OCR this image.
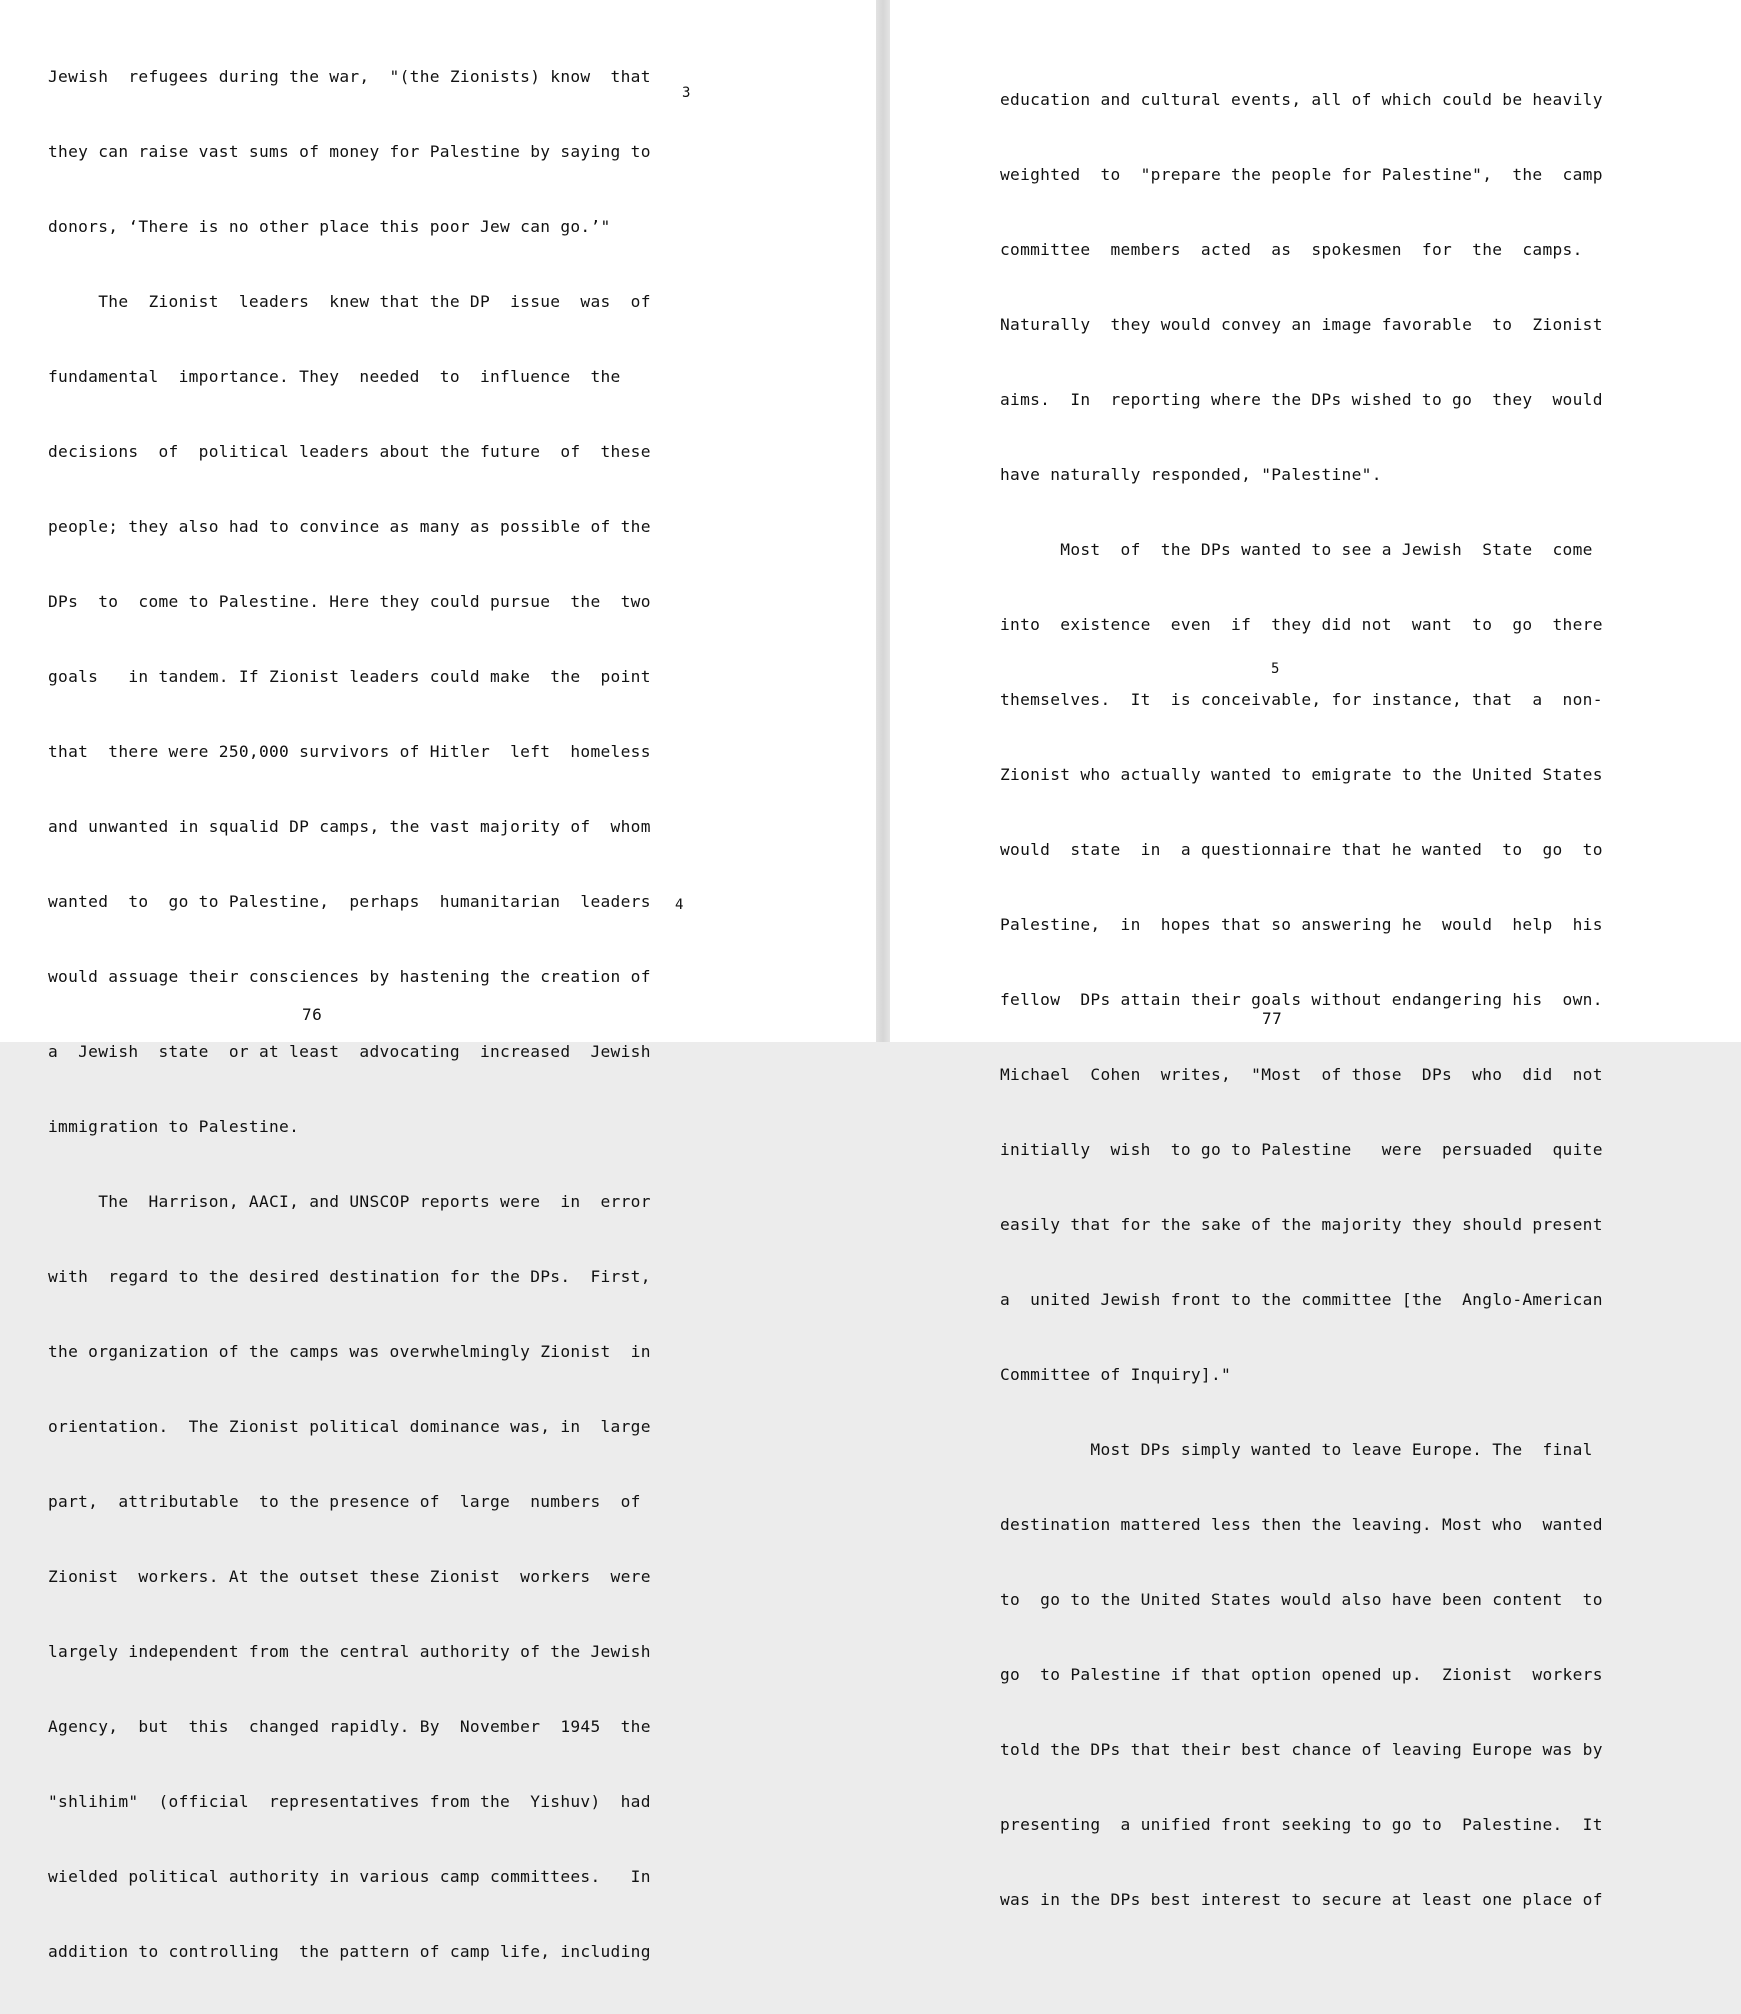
Jewish  refugees during the war,  "(the Zionists) know  that

they can raise vast sums of money for Palestine by saying to

donors, ‘There is no other place this poor Jew can go.’"

The  Zionist  leaders  knew that the DP  issue  was  of

fundamental  importance. They  needed  to  influence  the

decisions  of  political leaders about the future  of  these

people; they also had to convince as many as possible of the

DPs  to  come to Palestine. Here they could pursue  the  two

goals   in tandem. If Zionist leaders could make  the  point

that  there were 250,000 survivors of Hitler  left  homeless

and unwanted in squalid DP camps, the vast majority of  whom

wanted  to  go to Palestine,  perhaps  humanitarian  leaders

would assuage their consciences by hastening the creation of

a  Jewish  state  or at least  advocating  increased  Jewish

immigration to Palestine.

The  Harrison, AACI, and UNSCOP reports were  in  error

with  regard to the desired destination for the DPs.  First,

the organization of the camps was overwhelmingly Zionist  in

orientation.  The Zionist political dominance was, in  large

part,  attributable  to the presence of  large  numbers  of

Zionist  workers. At the outset these Zionist  workers  were

largely independent from the central authority of the Jewish

Agency,  but  this  changed rapidly. By  November  1945  the

"shlihim"  (official  representatives from the  Yishuv)  had

wielded political authority in various camp committees.   In

addition to controlling  the pattern of camp life, including

3
4
76

education and cultural events, all of which could be heavily

weighted  to  "prepare the people for Palestine",  the  camp

committee  members  acted  as  spokesmen  for  the  camps.

Naturally  they would convey an image favorable  to  Zionist

aims.  In  reporting where the DPs wished to go  they  would

have naturally responded, "Palestine".

Most  of  the DPs wanted to see a Jewish  State  come

into  existence  even  if  they did not  want  to  go  there

themselves.  It  is conceivable, for instance, that  a  non-

Zionist who actually wanted to emigrate to the United States

would  state  in  a questionnaire that he wanted  to  go  to

Palestine,  in  hopes that so answering he  would  help  his

fellow  DPs attain their goals without endangering his  own.

Michael  Cohen  writes,  "Most  of those  DPs  who  did  not

initially  wish  to go to Palestine   were  persuaded  quite

easily that for the sake of the majority they should present

a  united Jewish front to the committee [the  Anglo-American

Committee of Inquiry]."

Most DPs simply wanted to leave Europe. The  final

destination mattered less then the leaving. Most who  wanted

to  go to the United States would also have been content  to

go  to Palestine if that option opened up.  Zionist  workers

told the DPs that their best chance of leaving Europe was by

presenting  a unified front seeking to go to  Palestine.  It

was in the DPs best interest to secure at least one place of

5
77
